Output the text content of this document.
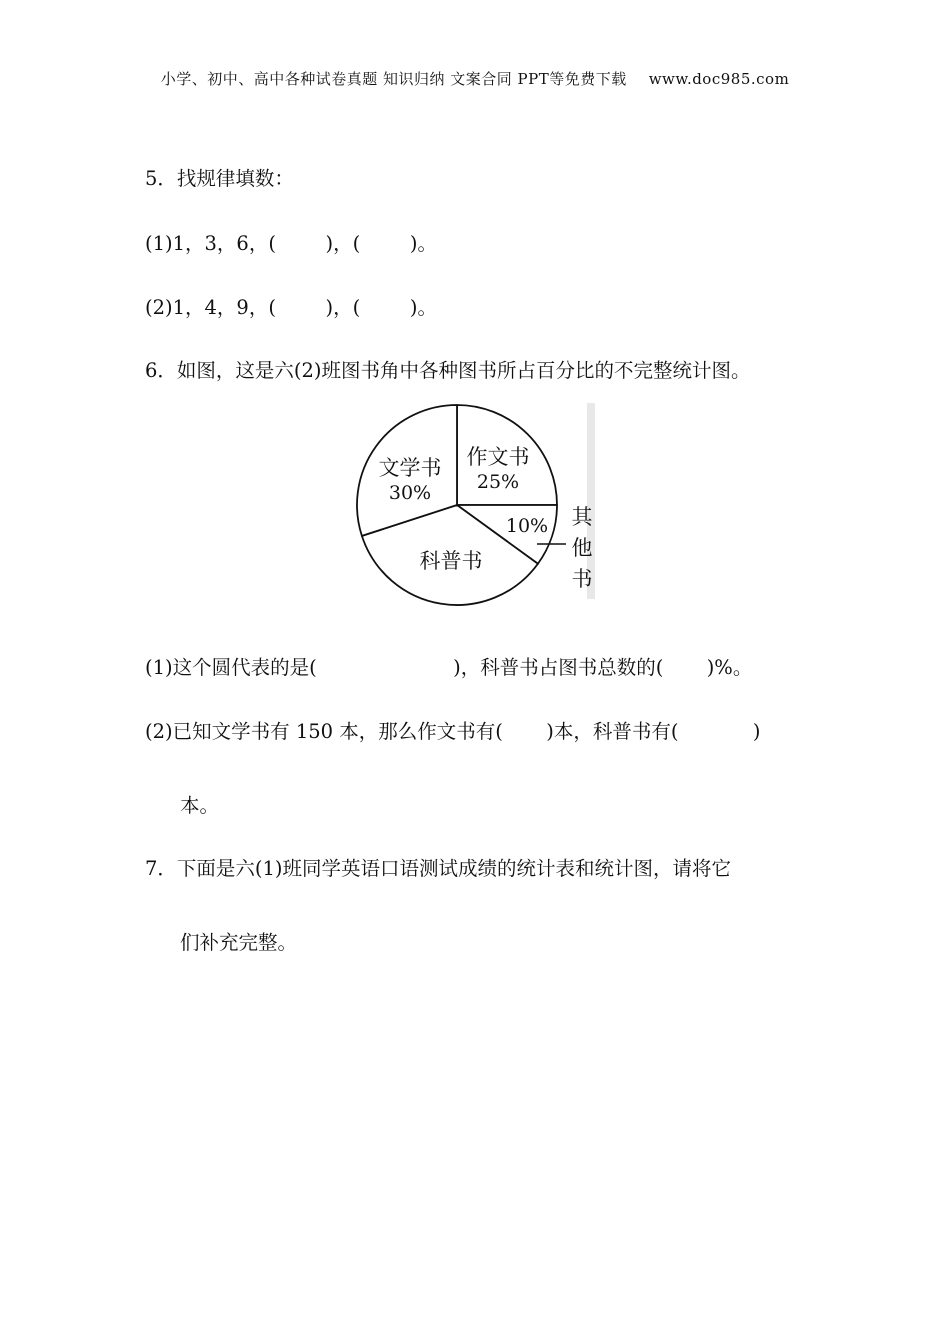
小学、初中、高中各种试卷真题 知识归纳 文案合同 PPT等免费下载 www.doc985.com
5．找规律填数：
(1)1，3，6，(        )，(        )。
(2)1，4，9，(        )，(        )。
6．如图，这是六(2)班图书角中各种图书所占百分比的不完整统计图。
文学书
30%
作文书
25%
10%
科普书
其他书
(1)这个圆代表的是(                      )，科普书占图书总数的(       )%。
(2)已知文学书有 150 本，那么作文书有(       )本，科普书有(            )
本。
7．下面是六(1)班同学英语口语测试成绩的统计表和统计图，请将它
们补充完整。
